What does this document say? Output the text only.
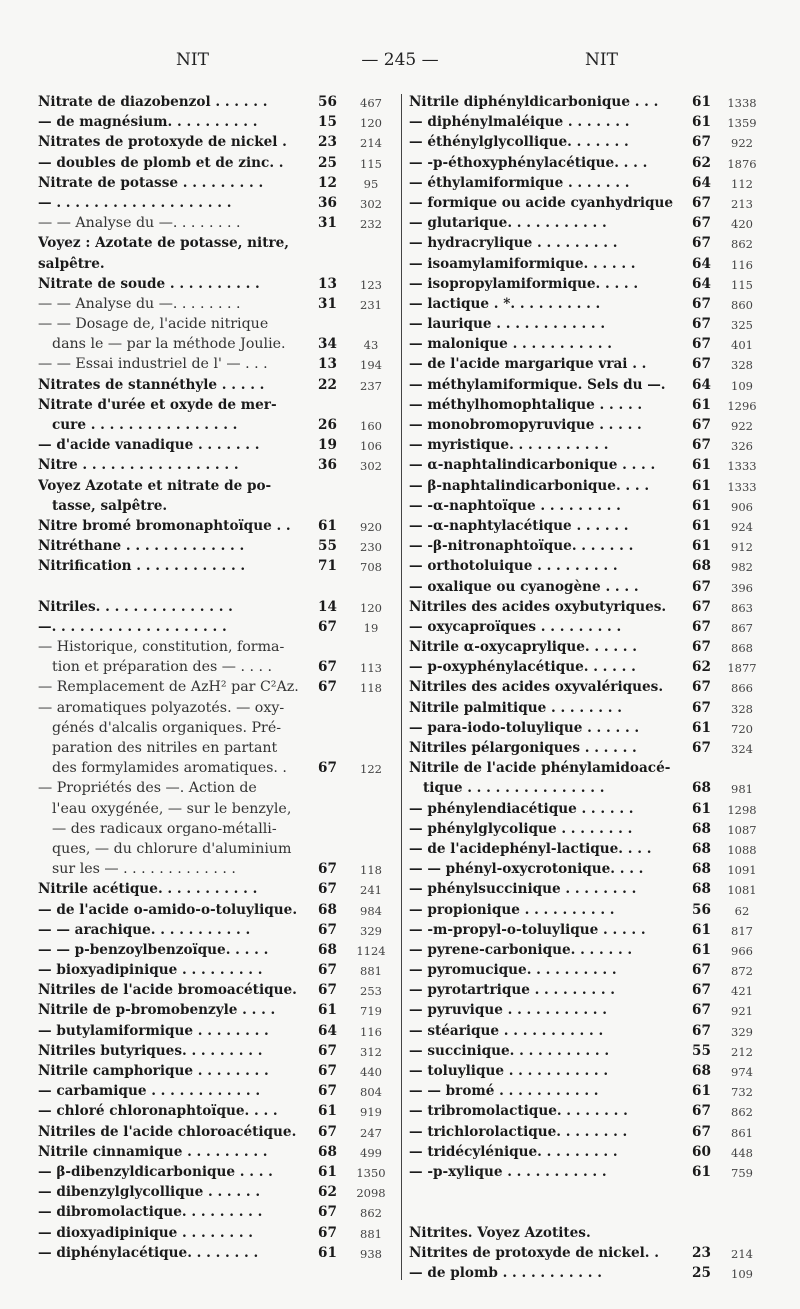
NIT	— 245 —	NIT
Nitrate de diazobenzol . . . . . .	56	467
— de magnésium. . . . . . . . . .	15	120
Nitrates de protoxyde de nickel .	23	214
— doubles de plomb et de zinc. .	25	115
Nitrate de potasse . . . . . . . . .	12	95
— . . . . . . . . . . . . . . . . . . .	36	302
— — Analyse du —. . . . . . . .	31	232
Voyez : Azotate de potasse, nitre,
salpêtre.
Nitrate de soude . . . . . . . . . .	13	123
— — Analyse du —. . . . . . . .	31	231
— — Dosage de, l'acide nitrique
dans le — par la méthode Joulie.	34	43
— — Essai industriel de l' — . . .	13	194
Nitrates de stannéthyle . . . . .	22	237
Nitrate d'urée et oxyde de mer-
cure . . . . . . . . . . . . . . . .	26	160
— d'acide vanadique . . . . . . .	19	106
Nitre . . . . . . . . . . . . . . . . .	36	302
Voyez Azotate et nitrate de po-
tasse, salpêtre.
Nitre bromé bromonaphtoïque . .	61	920
Nitréthane . . . . . . . . . . . . .	55	230
Nitrification . . . . . . . . . . . .	71	708
Nitriles. . . . . . . . . . . . . . .	14	120
—. . . . . . . . . . . . . . . . . . .	67	19
— Historique, constitution, forma-
tion et préparation des — . . . .	67	113
— Remplacement de AzH² par C²Az.	67	118
— aromatiques polyazotés. — oxy-
génés d'alcalis organiques. Pré-
paration des nitriles en partant
des formylamides aromatiques. .	67	122
— Propriétés des —. Action de
l'eau oxygénée, — sur le benzyle,
— des radicaux organo-métalli-
ques, — du chlorure d'aluminium
sur les — . . . . . . . . . . . . .	67	118
Nitrile acétique. . . . . . . . . . .	67	241
— de l'acide o-amido-o-toluylique.	68	984
— — arachique. . . . . . . . . . .	67	329
— — p-benzoylbenzoïque. . . . .	68	1124
— bioxyadipinique . . . . . . . . .	67	881
Nitriles de l'acide bromoacétique.	67	253
Nitrile de p-bromobenzyle . . . .	61	719
— butylamiformique . . . . . . . .	64	116
Nitriles butyriques. . . . . . . . .	67	312
Nitrile camphorique . . . . . . . .	67	440
— carbamique . . . . . . . . . . . .	67	804
— chloré chloronaphtoïque. . . .	61	919
Nitriles de l'acide chloroacétique.	67	247
Nitrile cinnamique . . . . . . . . .	68	499
— β-dibenzyldicarbonique . . . .	61	1350
— dibenzylglycollique . . . . . .	62	2098
— dibromolactique. . . . . . . . .	67	862
— dioxyadipinique . . . . . . . .	67	881
— diphénylacétique. . . . . . . .	61	938
Nitrile diphényldicarbonique . . .	61	1338
— diphénylmaléique . . . . . . .	61	1359
— éthénylglycollique. . . . . . .	67	922
— -p-éthoxyphénylacétique. . . .	62	1876
— éthylamiformique . . . . . . .	64	112
— formique ou acide cyanhydrique	67	213
— glutarique. . . . . . . . . . .	67	420
— hydracrylique . . . . . . . . .	67	862
— isoamylamiformique. . . . . .	64	116
— isopropylamiformique. . . . .	64	115
— lactique . *. . . . . . . . . .	67	860
— laurique . . . . . . . . . . . .	67	325
— malonique . . . . . . . . . . .	67	401
— de l'acide margarique vrai . .	67	328
— méthylamiformique. Sels du —.	64	109
— méthylhomophtalique . . . . .	61	1296
— monobromopyruvique . . . . .	67	922
— myristique. . . . . . . . . . .	67	326
— α-naphtalindicarbonique . . . .	61	1333
— β-naphtalindicarbonique. . . .	61	1333
— -α-naphtoïque . . . . . . . . .	61	906
— -α-naphtylacétique . . . . . .	61	924
— -β-nitronaphtoïque. . . . . . .	61	912
— orthotoluique . . . . . . . . .	68	982
— oxalique ou cyanogène . . . .	67	396
Nitriles des acides oxybutyriques.	67	863
— oxycaproïques . . . . . . . . .	67	867
Nitrile α-oxycaprylique. . . . . .	67	868
— p-oxyphénylacétique. . . . . .	62	1877
Nitriles des acides oxyvalériques.	67	866
Nitrile palmitique . . . . . . . .	67	328
— para-iodo-toluylique . . . . . .	61	720
Nitriles pélargoniques . . . . . .	67	324
Nitrile de l'acide phénylamidoacé-
tique . . . . . . . . . . . . . . .	68	981
— phénylendiacétique . . . . . .	61	1298
— phénylglycolique . . . . . . . .	68	1087
— de l'acidephényl-lactique. . . .	68	1088
— — phényl-oxycrotonique. . . .	68	1091
— phénylsuccinique . . . . . . . .	68	1081
— propionique . . . . . . . . . .	56	62
— -m-propyl-o-toluylique . . . . .	61	817
— pyrene-carbonique. . . . . . .	61	966
— pyromucique. . . . . . . . . .	67	872
— pyrotartrique . . . . . . . . .	67	421
— pyruvique . . . . . . . . . . .	67	921
— stéarique . . . . . . . . . . .	67	329
— succinique. . . . . . . . . . .	55	212
— toluylique . . . . . . . . . . .	68	974
— — bromé . . . . . . . . . . .	61	732
— tribromolactique. . . . . . . .	67	862
— trichlorolactique. . . . . . . .	67	861
— tridécylénique. . . . . . . . .	60	448
— -p-xylique . . . . . . . . . . .	61	759
Nitrites. Voyez Azotites.
Nitrites de protoxyde de nickel. .	23	214
— de plomb . . . . . . . . . . .	25	109
